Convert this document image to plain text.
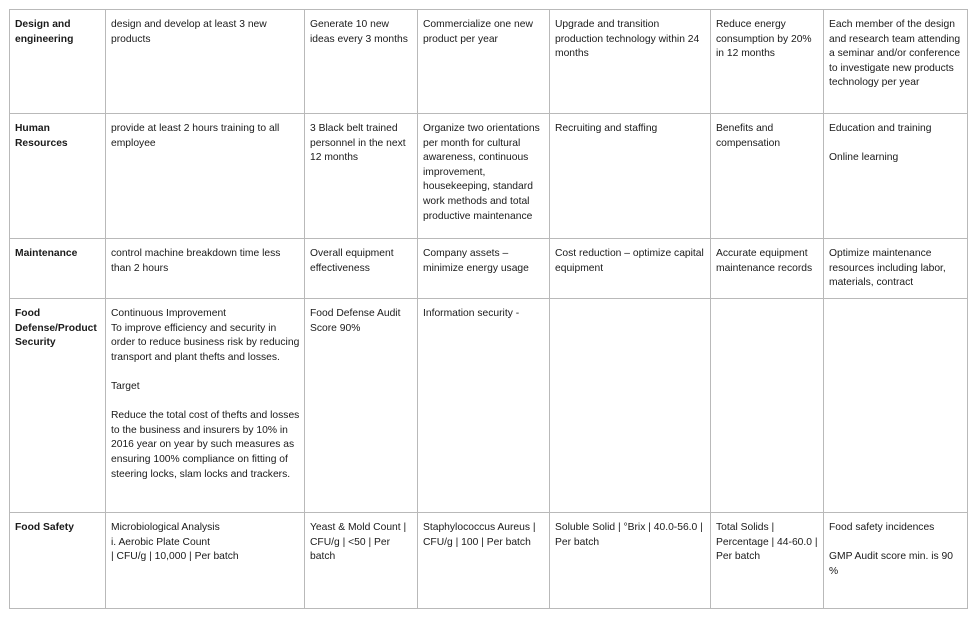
Design and engineering	design and develop at least 3 new products	Generate 10 new ideas every 3 months	Commercialize one new product per year	Upgrade and transition production technology within 24 months	Reduce energy consumption by 20% in 12 months	Each member of the design and research team attending a seminar and/or conference to investigate new products technology per year

Human Resources	provide at least 2 hours training to all employee	3 Black belt trained personnel in the next 12 months	Organize two orientations per month for cultural awareness, continuous improvement, housekeeping, standard work methods and total productive maintenance	Recruiting and staffing	Benefits and compensation	Education and training
Online learning

Maintenance	control machine breakdown time less than 2 hours	Overall equipment effectiveness	Company assets – minimize energy usage	Cost reduction – optimize capital equipment	Accurate equipment maintenance records	Optimize maintenance resources including labor, materials, contract

Food Defense/Product Security	Continuous Improvement
To improve efficiency and security in order to reduce business risk by reducing transport and plant thefts and losses.
Target
Reduce the total cost of thefts and losses to the business and insurers by 10% in 2016 year on year by such measures as ensuring 100% compliance on fitting of steering locks, slam locks and trackers.	Food Defense Audit Score 90%	Information security -			

Food Safety	Microbiological Analysis
i. Aerobic Plate Count
| CFU/g | 10,000 | Per batch	Yeast & Mold Count | CFU/g | <50 | Per batch	Staphylococcus Aureus | CFU/g | 100 | Per batch	Soluble Solid | °Brix | 40.0-56.0 | Per batch	Total Solids | Percentage | 44-60.0 | Per batch	Food safety incidences
GMP Audit score min. is 90 %
